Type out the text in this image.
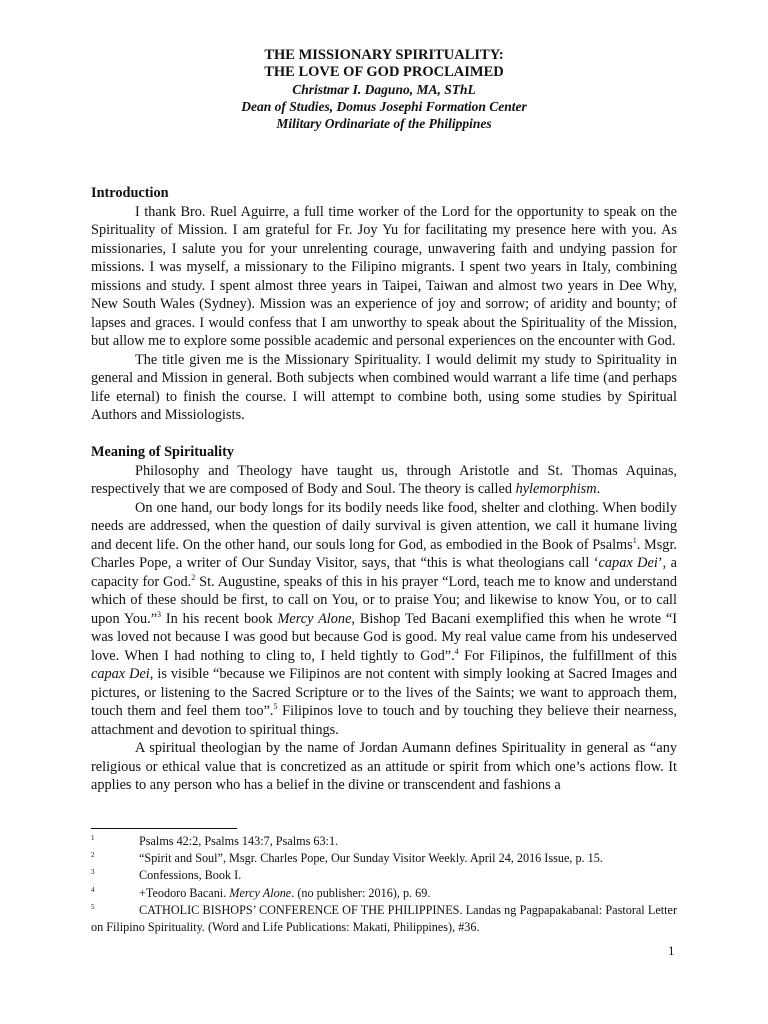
THE MISSIONARY SPIRITUALITY:
THE LOVE OF GOD PROCLAIMED
Christmar I. Daguno, MA, SThL
Dean of Studies, Domus Josephi Formation Center
Military Ordinariate of the Philippines
Introduction

I thank Bro. Ruel Aguirre, a full time worker of the Lord for the opportunity to speak on the Spirituality of Mission. I am grateful for Fr. Joy Yu for facilitating my presence here with you. As missionaries, I salute you for your unrelenting courage, unwavering faith and undying passion for missions. I was myself, a missionary to the Filipino migrants. I spent two years in Italy, combining missions and study. I spent almost three years in Taipei, Taiwan and almost two years in Dee Why, New South Wales (Sydney). Mission was an experience of joy and sorrow; of aridity and bounty; of lapses and graces. I would confess that I am unworthy to speak about the Spirituality of the Mission, but allow me to explore some possible academic and personal experiences on the encounter with God.

The title given me is the Missionary Spirituality. I would delimit my study to Spirituality in general and Mission in general. Both subjects when combined would warrant a life time (and perhaps life eternal) to finish the course. I will attempt to combine both, using some studies by Spiritual Authors and Missiologists.

Meaning of Spirituality

Philosophy and Theology have taught us, through Aristotle and St. Thomas Aquinas, respectively that we are composed of Body and Soul. The theory is called hylemorphism.

On one hand, our body longs for its bodily needs like food, shelter and clothing. When bodily needs are addressed, when the question of daily survival is given attention, we call it humane living and decent life. On the other hand, our souls long for God, as embodied in the Book of Psalms$^1$. Msgr. Charles Pope, a writer of Our Sunday Visitor, says, that “this is what theologians call ‘capax Dei’, a capacity for God.$^2$ St. Augustine, speaks of this in his prayer “Lord, teach me to know and understand which of these should be first, to call on You, or to praise You; and likewise to know You, or to call upon You.”$^3$ In his recent book Mercy Alone, Bishop Ted Bacani exemplified this when he wrote “I was loved not because I was good but because God is good. My real value came from his undeserved love. When I had nothing to cling to, I held tightly to God”.$^4$ For Filipinos, the fulfillment of this capax Dei, is visible “because we Filipinos are not content with simply looking at Sacred Images and pictures, or listening to the Sacred Scripture or to the lives of the Saints; we want to approach them, touch them and feel them too”.$^5$ Filipinos love to touch and by touching they believe their nearness, attachment and devotion to spiritual things.

A spiritual theologian by the name of Jordan Aumann defines Spirituality in general as “any religious or ethical value that is concretized as an attitude or spirit from which one’s actions flow. It applies to any person who has a belief in the divine or transcendent and fashions a

1	Psalms 42:2, Psalms 143:7, Psalms 63:1.
2	“Spirit and Soul”, Msgr. Charles Pope, Our Sunday Visitor Weekly. April 24, 2016 Issue, p. 15.
3	Confessions, Book I.
4	+Teodoro Bacani. Mercy Alone. (no publisher: 2016), p. 69.
5	CATHOLIC BISHOPS’ CONFERENCE OF THE PHILIPPINES. Landas ng Pagpapakabanal: Pastoral Letter on Filipino Spirituality. (Word and Life Publications: Makati, Philippines), #36.
1
